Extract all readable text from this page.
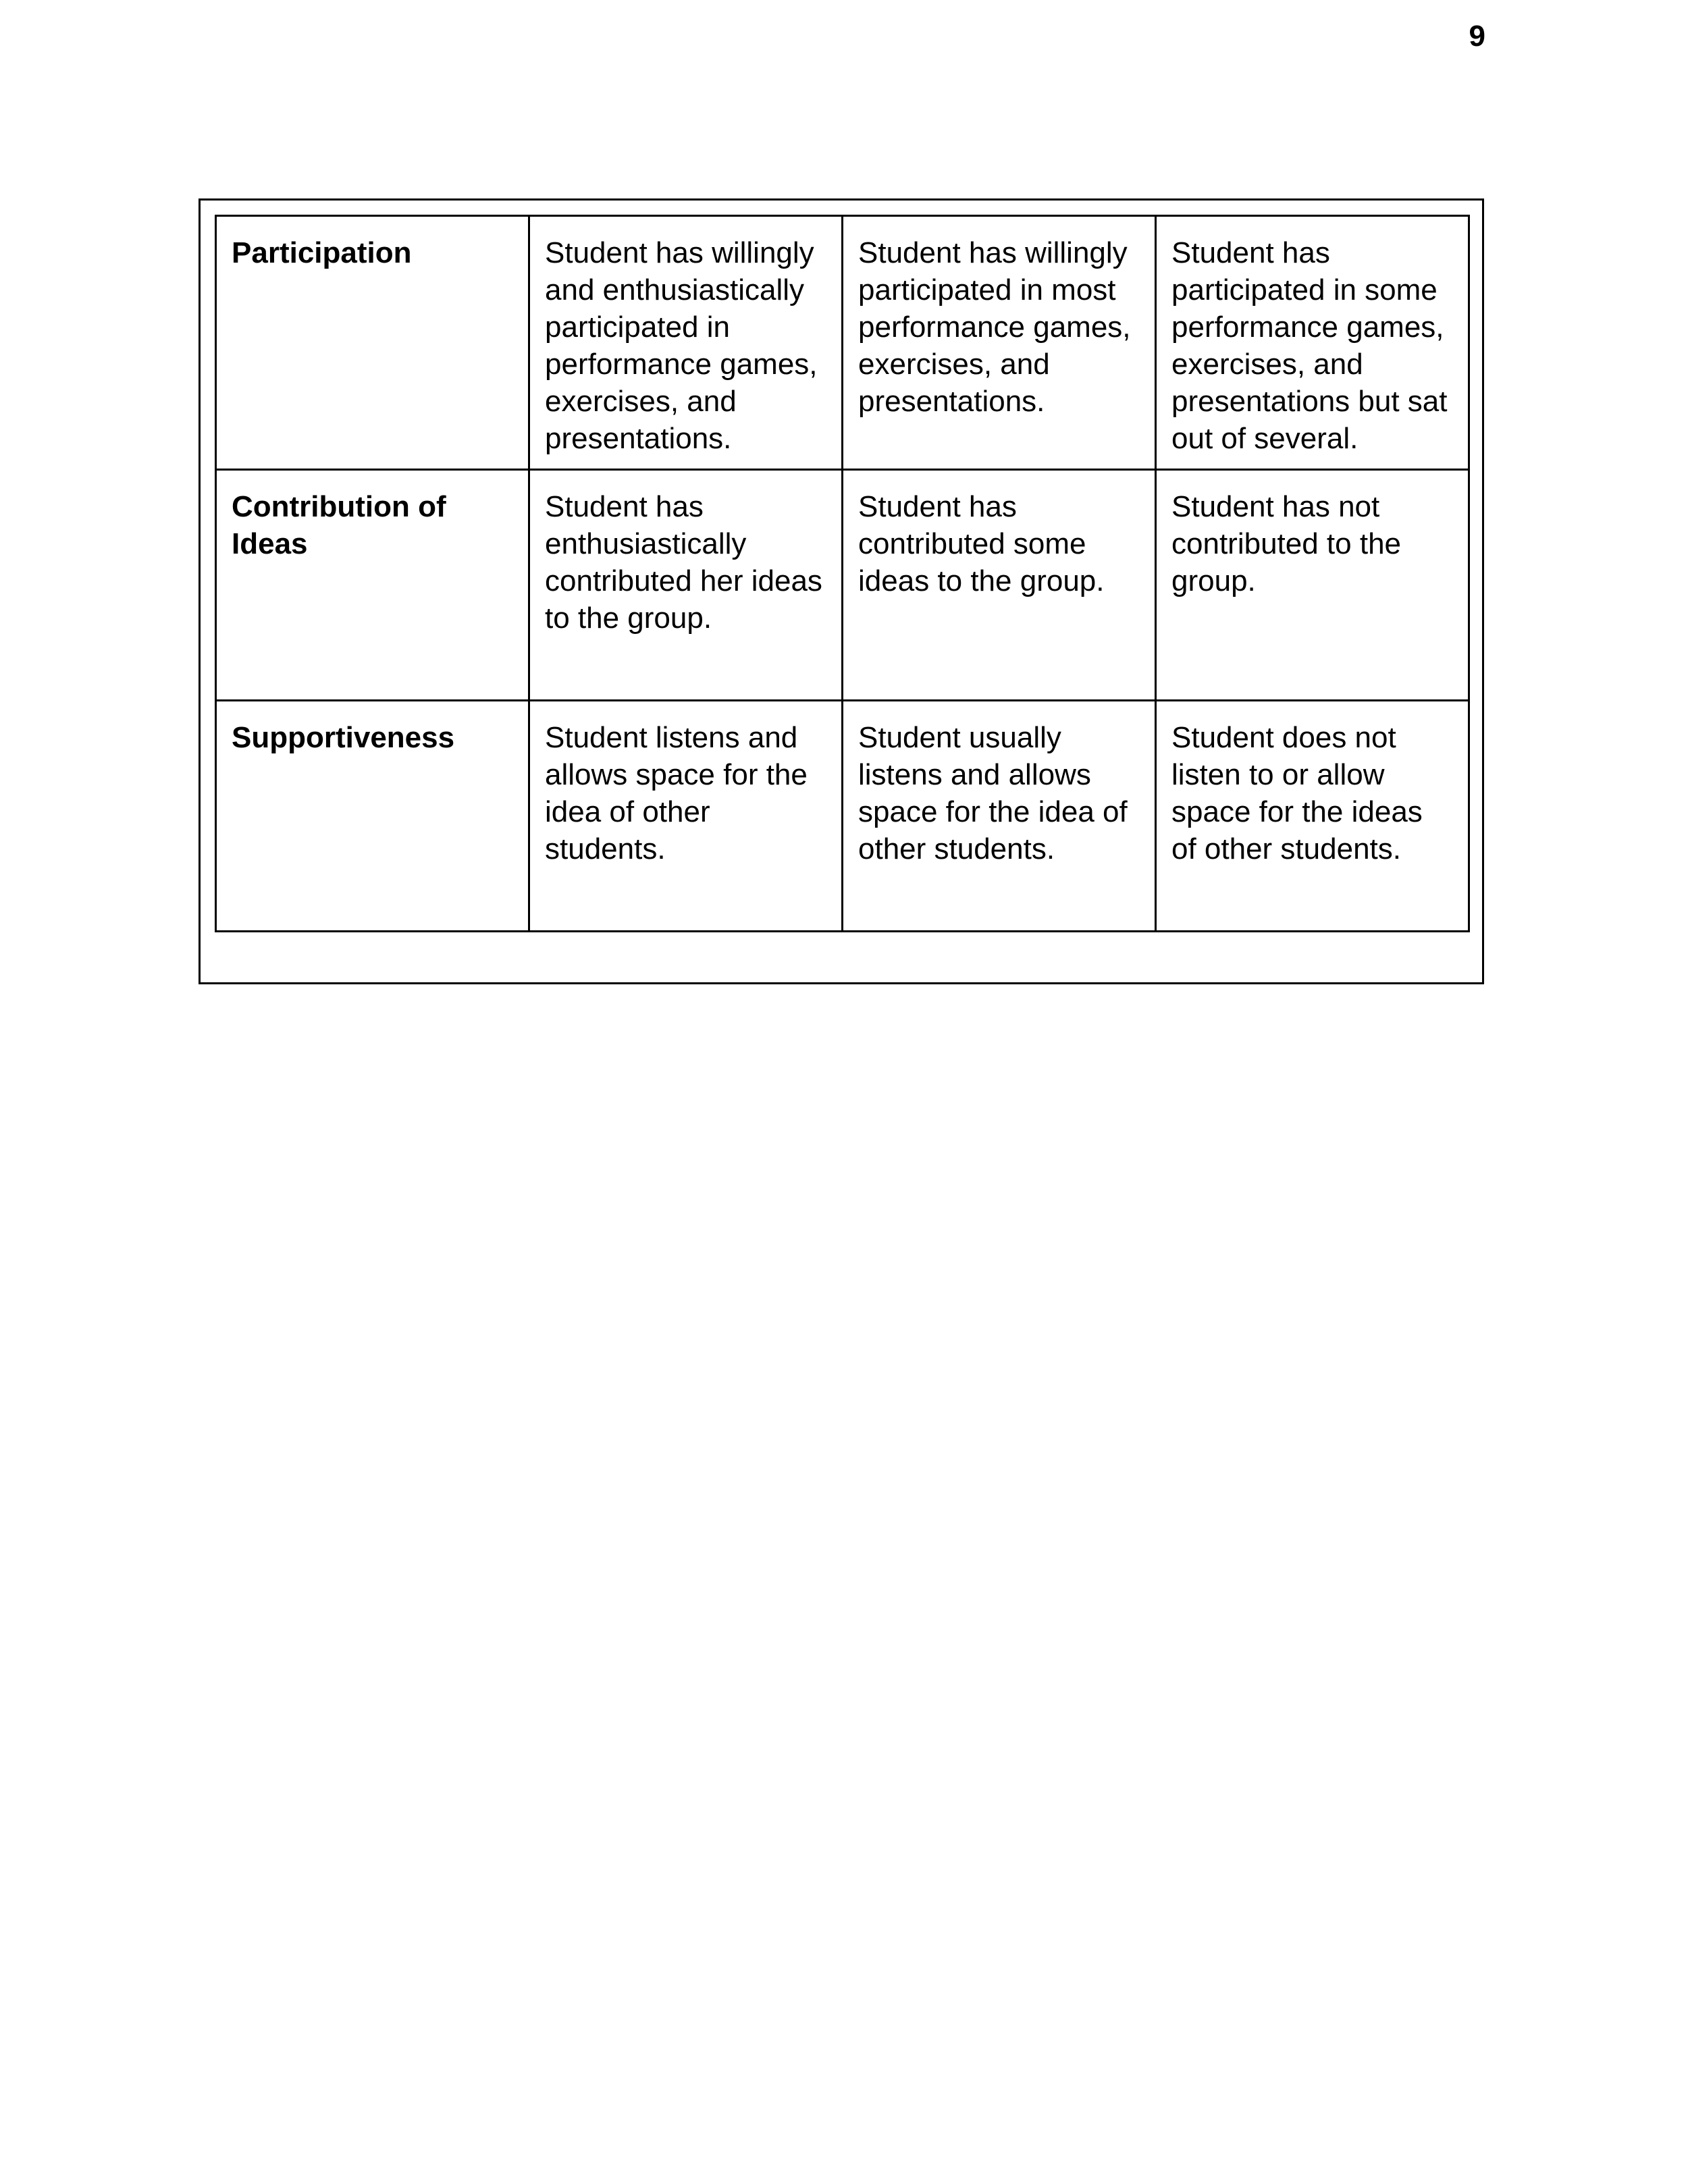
9
Participation	Student has willingly and enthusiastically participated in performance games, exercises, and presentations.	Student has willingly participated in most performance games, exercises, and presentations.	Student has participated in some performance games, exercises, and presentations but sat out of several.
Contribution of Ideas	Student has enthusiastically contributed her ideas to the group.	Student has contributed some ideas to the group.	Student has not contributed to the group.
Supportiveness	Student listens and allows space for the idea of other students.	Student usually listens and allows space for the idea of other students.	Student does not listen to or allow space for the ideas of other students.
